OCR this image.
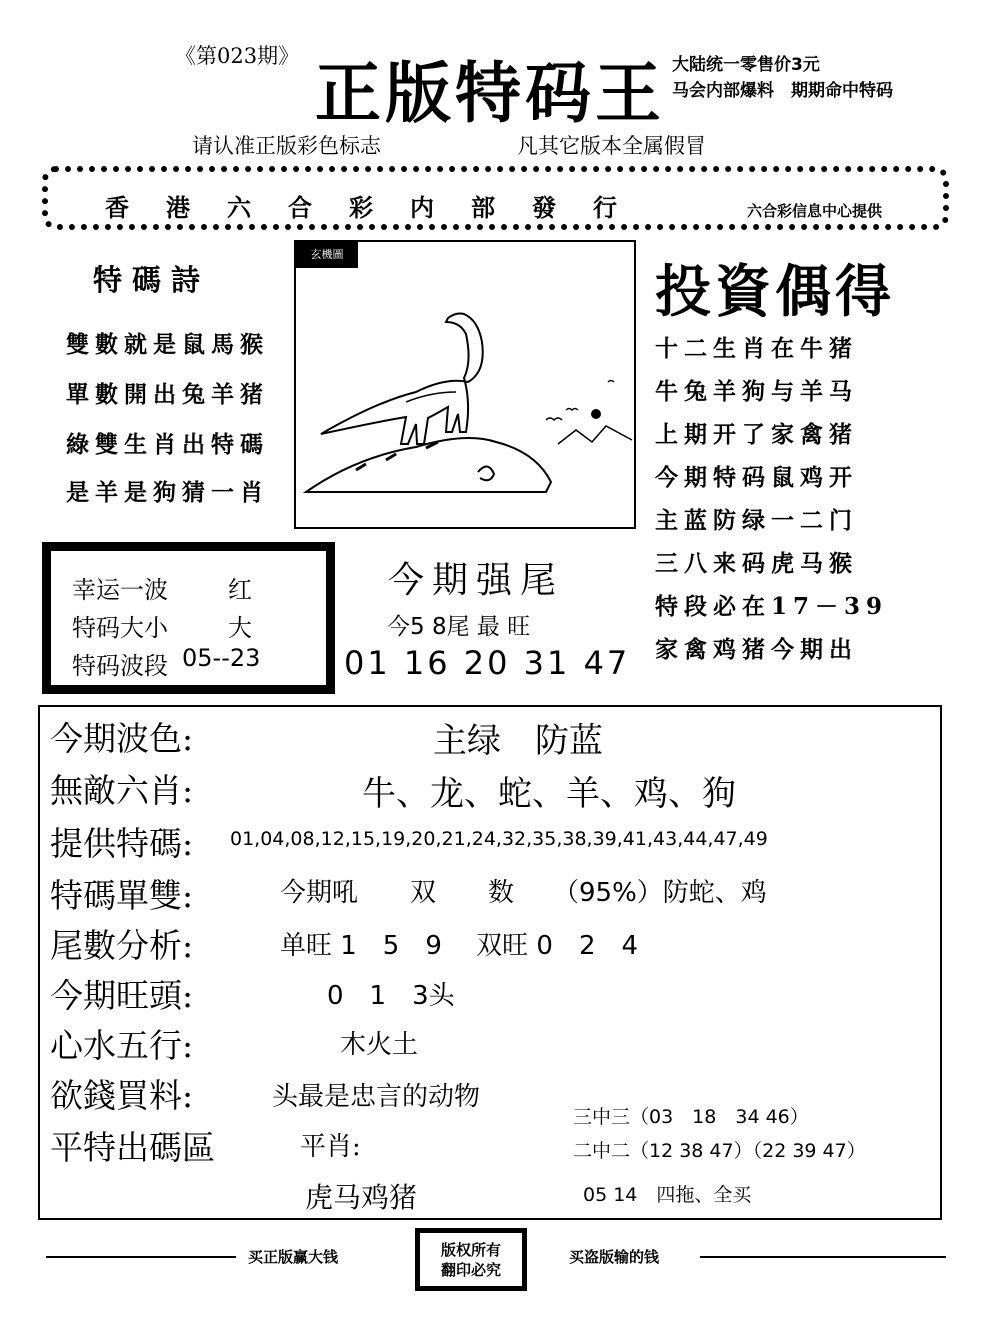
《第023期》 正版特码王 大陆统一零售价3元
马会内部爆料　期期命中特码
请认准正版彩色标志	凡其它版本全属假冒
香港六合彩内部發行	六合彩信息中心提供
特碼詩
雙數就是鼠馬猴
單數開出兔羊猪
綠雙生肖出特碼
是羊是狗猜一肖
玄機圖
投資偶得
十二生肖在牛猪
牛兔羊狗与羊马
上期开了家禽猪
今期特码鼠鸡开
主蓝防绿一二门
三八来码虎马猴
特段必在17－39
家禽鸡猪今期出
幸运一波	红
特码大小	大
特码波段 05--23
今期强尾
今5 8尾 最 旺
01 16 20 31 47
今期波色:	主绿　防蓝
無敵六肖:	牛、龙、蛇、羊、鸡、狗
提供特碼: 01,04,08,12,15,19,20,21,24,32,35,38,39,41,43,44,47,49
特碼單雙:	今期吼　　双　　数　　（95%）防蛇、鸡
尾數分析:	单旺 1　5　9　 双旺 0　2　4
今期旺頭:	0　1　3头
心水五行:	木火土
欲錢買料:	头最是忠言的动物
平特出碼區	平肖:
虎马鸡猪
三中三（03　18　34 46）
二中二（12 38 47）（22 39 47）
05 14　四拖、全买
买正版赢大钱	版权所有
翻印必究
买盗版输的钱
